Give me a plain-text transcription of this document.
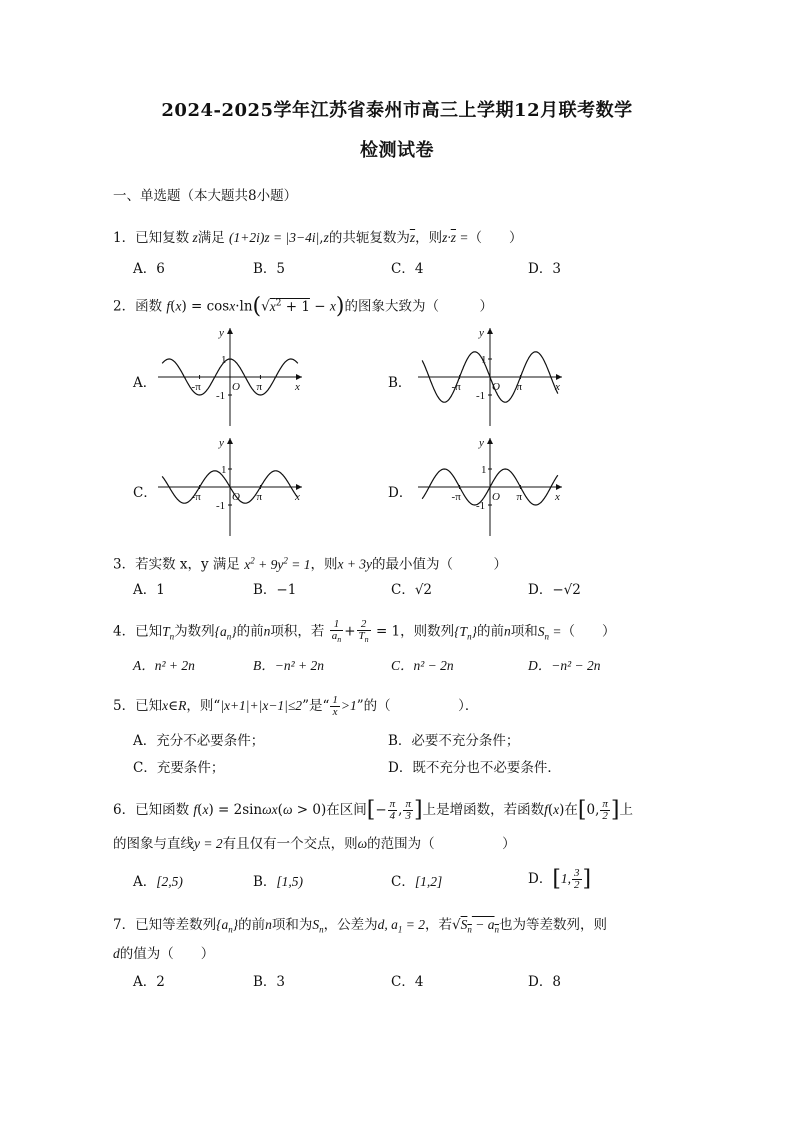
2024-2025学年江苏省泰州市高三上学期12月联考数学
检测试卷
一、单选题（本大题共8小题）
1．已知复数 z满足 (1+2i)z = |3−4i|,z的共轭复数为$\overline{z}$，则$z\cdot\overline{z}$ =（　　）
A．6	B．5	C．4	D．3
2．函数 $f(x) = \cos x\cdot\ln(√x^2 + 1 - x)$的图象大致为（　　　）
A．
y
x
O
1
-1
π
-π	B．
y
x
O
1
-1
π
-π
C．
y
x
O
1
-1
π
-π	D．
y
x
O
1
-1
π
-π
3．若实数 x，y 满足 $x^2 + 9y^2 = 1$，则x + 3y的最小值为（　　　）
A．1	B．−1	C．√2	D．−√2
4．已知$T_n$为数列$\{a_n\}$的前n项积，若 $\frac{1}{a_n} + \frac{2}{T_n} = 1$，则数列$\{T_n\}$的前n项和$S_n$ =（　　）
A．n² + 2n	B．−n² + 2n	C．n² − 2n	D．−n² − 2n
5．已知x∈R，则“|x+1|+|x−1|≤2”是“ $\frac{1}{x} >1$”的（　　　　　）．
A．充分不必要条件；	B．必要不充分条件；
C．充要条件；	D．既不充分也不必要条件．
6．已知函数 f(x) = 2sinωx(ω > 0)在区间[− $\frac{\pi}{4}$ , $\frac{\pi}{3}$ ]上是增函数，若函数f(x)在[0, $\frac{\pi}{2}$ ]上
的图象与直线y = 2有且仅有一个交点，则ω的范围为（　　　　　）
A．[2,5)	B．[1,5)	C．[1,2]	D．[1, $\frac{3}{2}$ ]
7．已知等差数列$\{a_n\}$的前n项和为$S_n$，公差为d, $a_1 = 2$，若$√S_n - a_n$也为等差数列，则
d的值为（　　）
A．2	B．3	C．4	D．8
